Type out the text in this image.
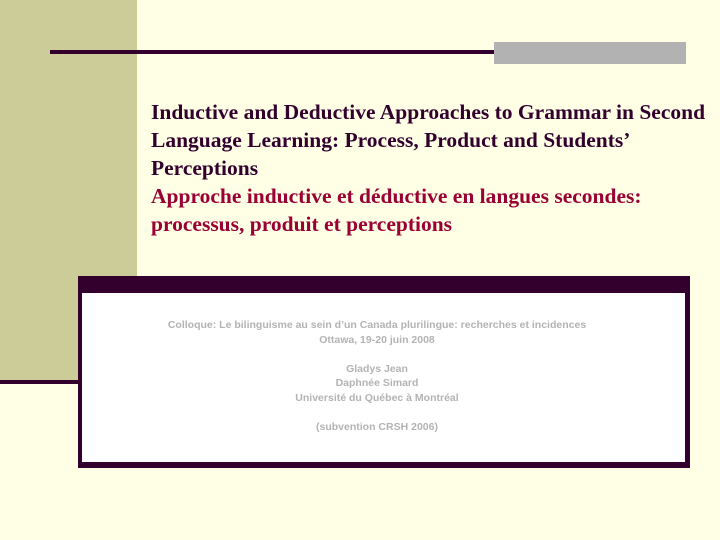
Inductive and Deductive Approaches to Grammar in Second Language Learning: Process, Product and Students’ Perceptions
Approche inductive et déductive en langues secondes: processus, produit et perceptions
Colloque: Le bilinguisme au sein d’un Canada plurilingue: recherches et incidences
Ottawa, 19-20 juin 2008
Gladys Jean
Daphnée Simard
Université du Québec à Montréal
(subvention CRSH 2006)
